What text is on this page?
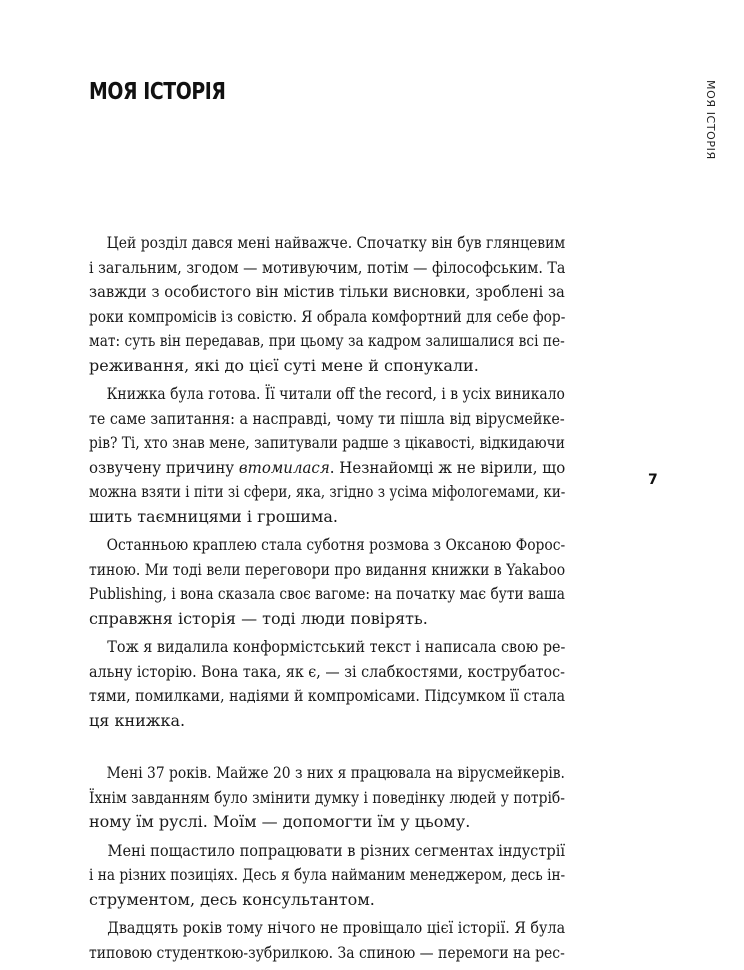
МОЯ ІСТОРІЯ	МОЯ ІСТОРІЯ
7

Цей розділ дався мені найважче. Спочатку він був глянцевим

і загальним, згодом — мотивуючим, потім — філософським. Та

завжди з особистого він містив тільки висновки, зроблені за

роки компромісів із совістю. Я обрала комфортний для себе фор-

мат: суть він передавав, при цьому за кадром залишалися всі пе-

реживання, які до цієї суті мене й спонукали.

Книжка була готова. Її читали off the record, і в усіх виникало

те саме запитання: а насправді, чому ти пішла від вірусмейке-

рів? Ті, хто знав мене, запитували радше з цікавості, відкидаючи

озвучену причину втомилася. Незнайомці ж не вірили, що

можна взяти і піти зі сфери, яка, згідно з усіма міфологемами, ки-

шить таємницями і грошима.

Останньою краплею стала суботня розмова з Оксаною Форос-

тиною. Ми тоді вели переговори про видання книжки в Yakaboo

Publishing, і вона сказала своє вагоме: на початку має бути ваша

справжня історія — тоді люди повірять.

Тож я видалила конформістський текст і написала свою ре-

альну історію. Вона така, як є, — зі слабкостями, кострубатос-

тями, помилками, надіями й компромісами. Підсумком її стала

ця книжка.

Мені 37 років. Майже 20 з них я працювала на вірусмейкерів.

Їхнім завданням було змінити думку і поведінку людей у потріб-

ному їм руслі. Моїм — допомогти їм у цьому.

Мені пощастило попрацювати в різних сегментах індустрії

і на різних позиціях. Десь я була найманим менеджером, десь ін-

струментом, десь консультантом.

Двадцять років тому нічого не провіщало цієї історії. Я була

типовою студенткою-зубрилкою. За спиною — перемоги на рес-
